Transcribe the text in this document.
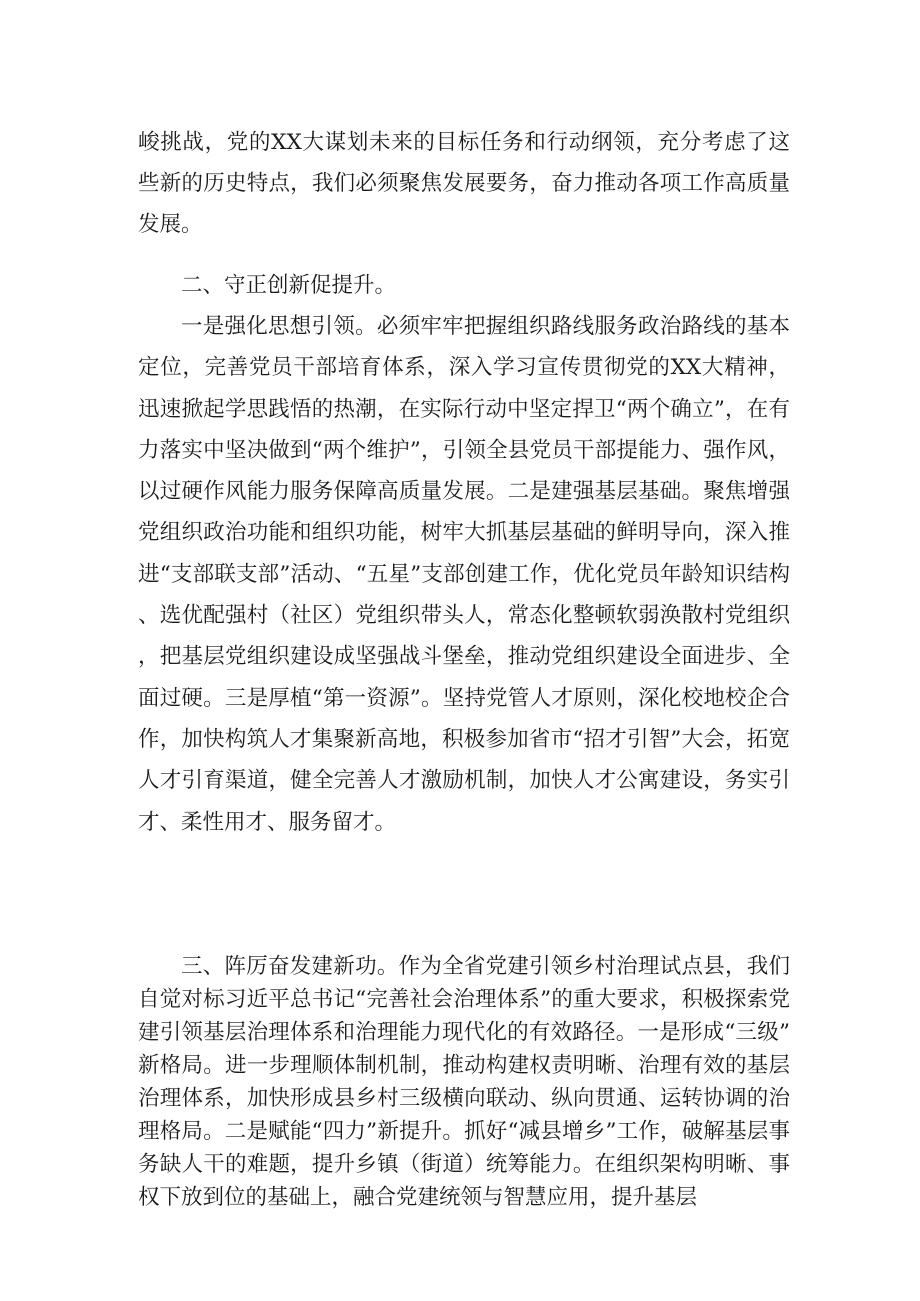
峻挑战，党的XX大谋划未来的目标任务和行动纲领，充分考虑了这些新的历史特点，我们必须聚焦发展要务，奋力推动各项工作高质量发展。

二、守正创新促提升。

一是强化思想引领。必须牢牢把握组织路线服务政治路线的基本定位，完善党员干部培育体系，深入学习宣传贯彻党的XX大精神，迅速掀起学思践悟的热潮，在实际行动中坚定捍卫“两个确立”，在有力落实中坚决做到“两个维护”，引领全县党员干部提能力、强作风，以过硬作风能力服务保障高质量发展。二是建强基层基础。聚焦增强党组织政治功能和组织功能，树牢大抓基层基础的鲜明导向，深入推进“支部联支部”活动、“五星”支部创建工作，优化党员年龄知识结构、选优配强村（社区）党组织带头人，常态化整顿软弱涣散村党组织，把基层党组织建设成坚强战斗堡垒，推动党组织建设全面进步、全面过硬。三是厚植“第一资源”。坚持党管人才原则，深化校地校企合作，加快构筑人才集聚新高地，积极参加省市“招才引智”大会，拓宽人才引育渠道，健全完善人才激励机制，加快人才公寓建设，务实引才、柔性用才、服务留才。

三、阵厉奋发建新功。作为全省党建引领乡村治理试点县，我们自觉对标习近平总书记“完善社会治理体系”的重大要求，积极探索党建引领基层治理体系和治理能力现代化的有效路径。一是形成“三级”新格局。进一步理顺体制机制，推动构建权责明晰、治理有效的基层治理体系，加快形成县乡村三级横向联动、纵向贯通、运转协调的治理格局。二是赋能“四力”新提升。抓好“减县增乡”工作，破解基层事务缺人干的难题，提升乡镇（街道）统筹能力。在组织架构明晰、事权下放到位的基础上，融合党建统领与智慧应用，提升基层
